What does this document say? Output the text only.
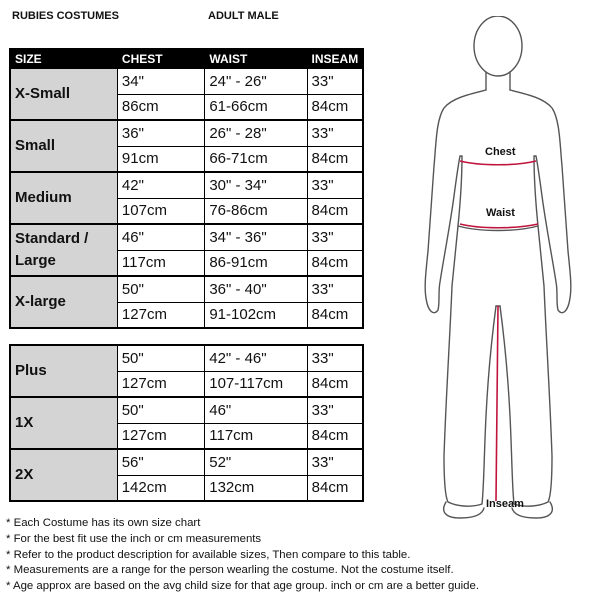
RUBIES COSTUMES	ADULT MALE
SIZE	CHEST	WAIST	INSEAM
X-Small	34"	24" - 26"	33"
	86cm	61-66cm	84cm
Small	36"	26" - 28"	33"
	91cm	66-71cm	84cm
Medium	42"	30" - 34"	33"
	107cm	76-86cm	84cm
Standard /
Large	46"	34" - 36"	33"
	117cm	86-91cm	84cm
X-large	50"	36" - 40"	33"
	127cm	91-102cm	84cm
Plus	50"	42" - 46"	33"
	127cm	107-117cm	84cm
1X	50"	46"	33"
	127cm	117cm	84cm
2X	56"	52"	33"
	142cm	132cm	84cm
Chest
Waist
Inseam
* Each Costume has its own size chart
* For the best fit use the inch or cm measurements
* Refer to the product description for available sizes, Then compare to this table.
* Measurements are a range for the person wearling the costume. Not the costume itself.
* Age approx are based on the avg child size for that age group. inch or cm are a better guide.
